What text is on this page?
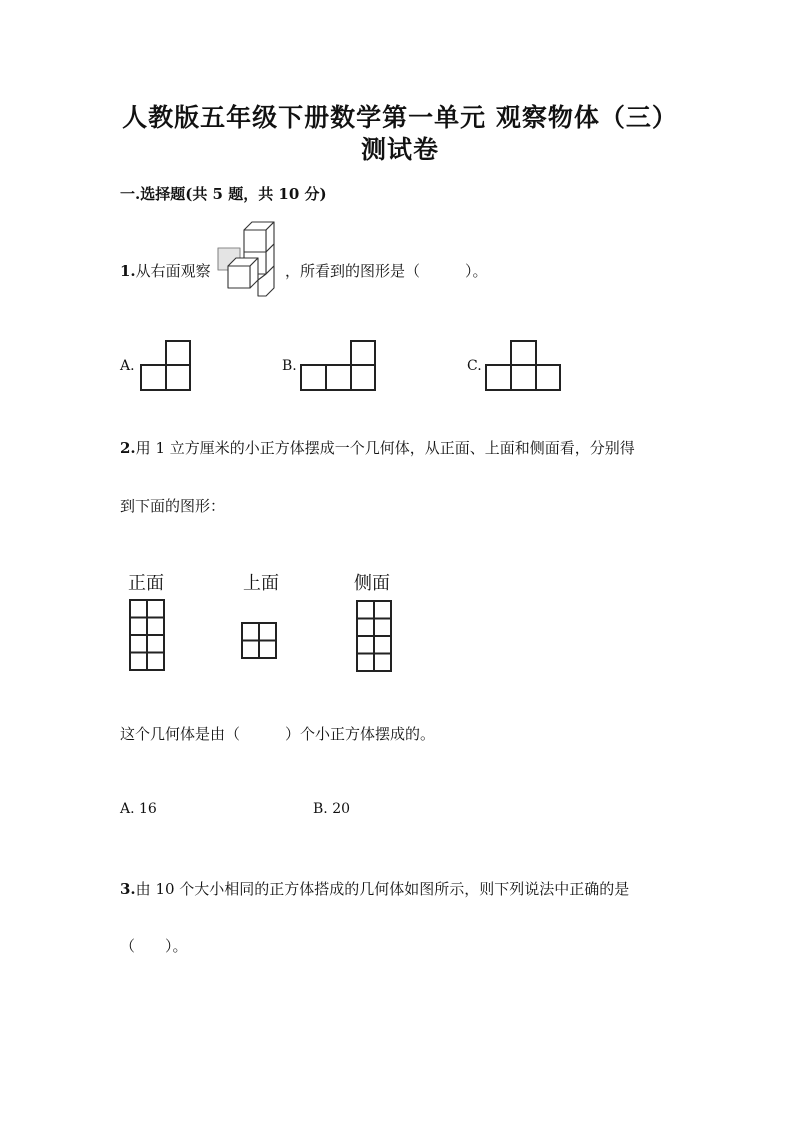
人教版五年级下册数学第一单元 观察物体（三）
测试卷
一.选择题(共 5 题，共 10 分)
1.从右面观察	，所看到的图形是（　　　）。
A.	B.	C.
2.用 1 立方厘米的小正方体摆成一个几何体，从正面、上面和侧面看，分别得
到下面的图形：
正面	上面	侧面
这个几何体是由（　　　）个小正方体摆成的。
A. 16	B. 20
3.由 10 个大小相同的正方体搭成的几何体如图所示，则下列说法中正确的是
（　　）。
